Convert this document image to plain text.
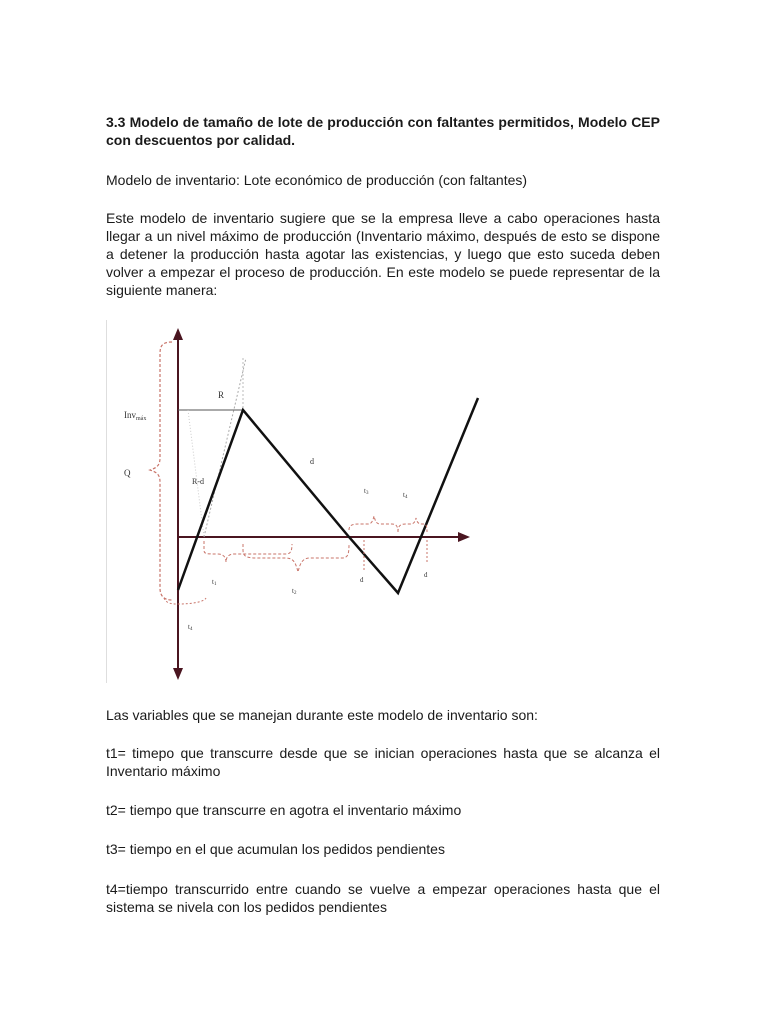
3.3 Modelo de tamaño de lote de producción con faltantes permitidos, Modelo CEP con descuentos por calidad.

Modelo de inventario: Lote económico de producción (con faltantes)

Este modelo de inventario sugiere que se la empresa lleve a cabo operaciones hasta llegar a un nivel máximo de producción (Inventario máximo, después de esto se dispone a detener la producción hasta agotar las existencias, y luego que esto suceda deben volver a empezar el proceso de producción. En este modelo se puede representar de la siguiente manera:

Inv$_{máx}$
R
Q
R-d
d
t1
t2
t3	t4
t4
d
d

Las variables que se manejan durante este modelo de inventario son:

t1= timepo que transcurre desde que se inician operaciones hasta que se alcanza el Inventario máximo

t2= tiempo que transcurre en agotra el inventario máximo

t3= tiempo en el que acumulan los pedidos pendientes

t4=tiempo transcurrido entre cuando se vuelve a empezar operaciones hasta que el sistema se nivela con los pedidos pendientes
